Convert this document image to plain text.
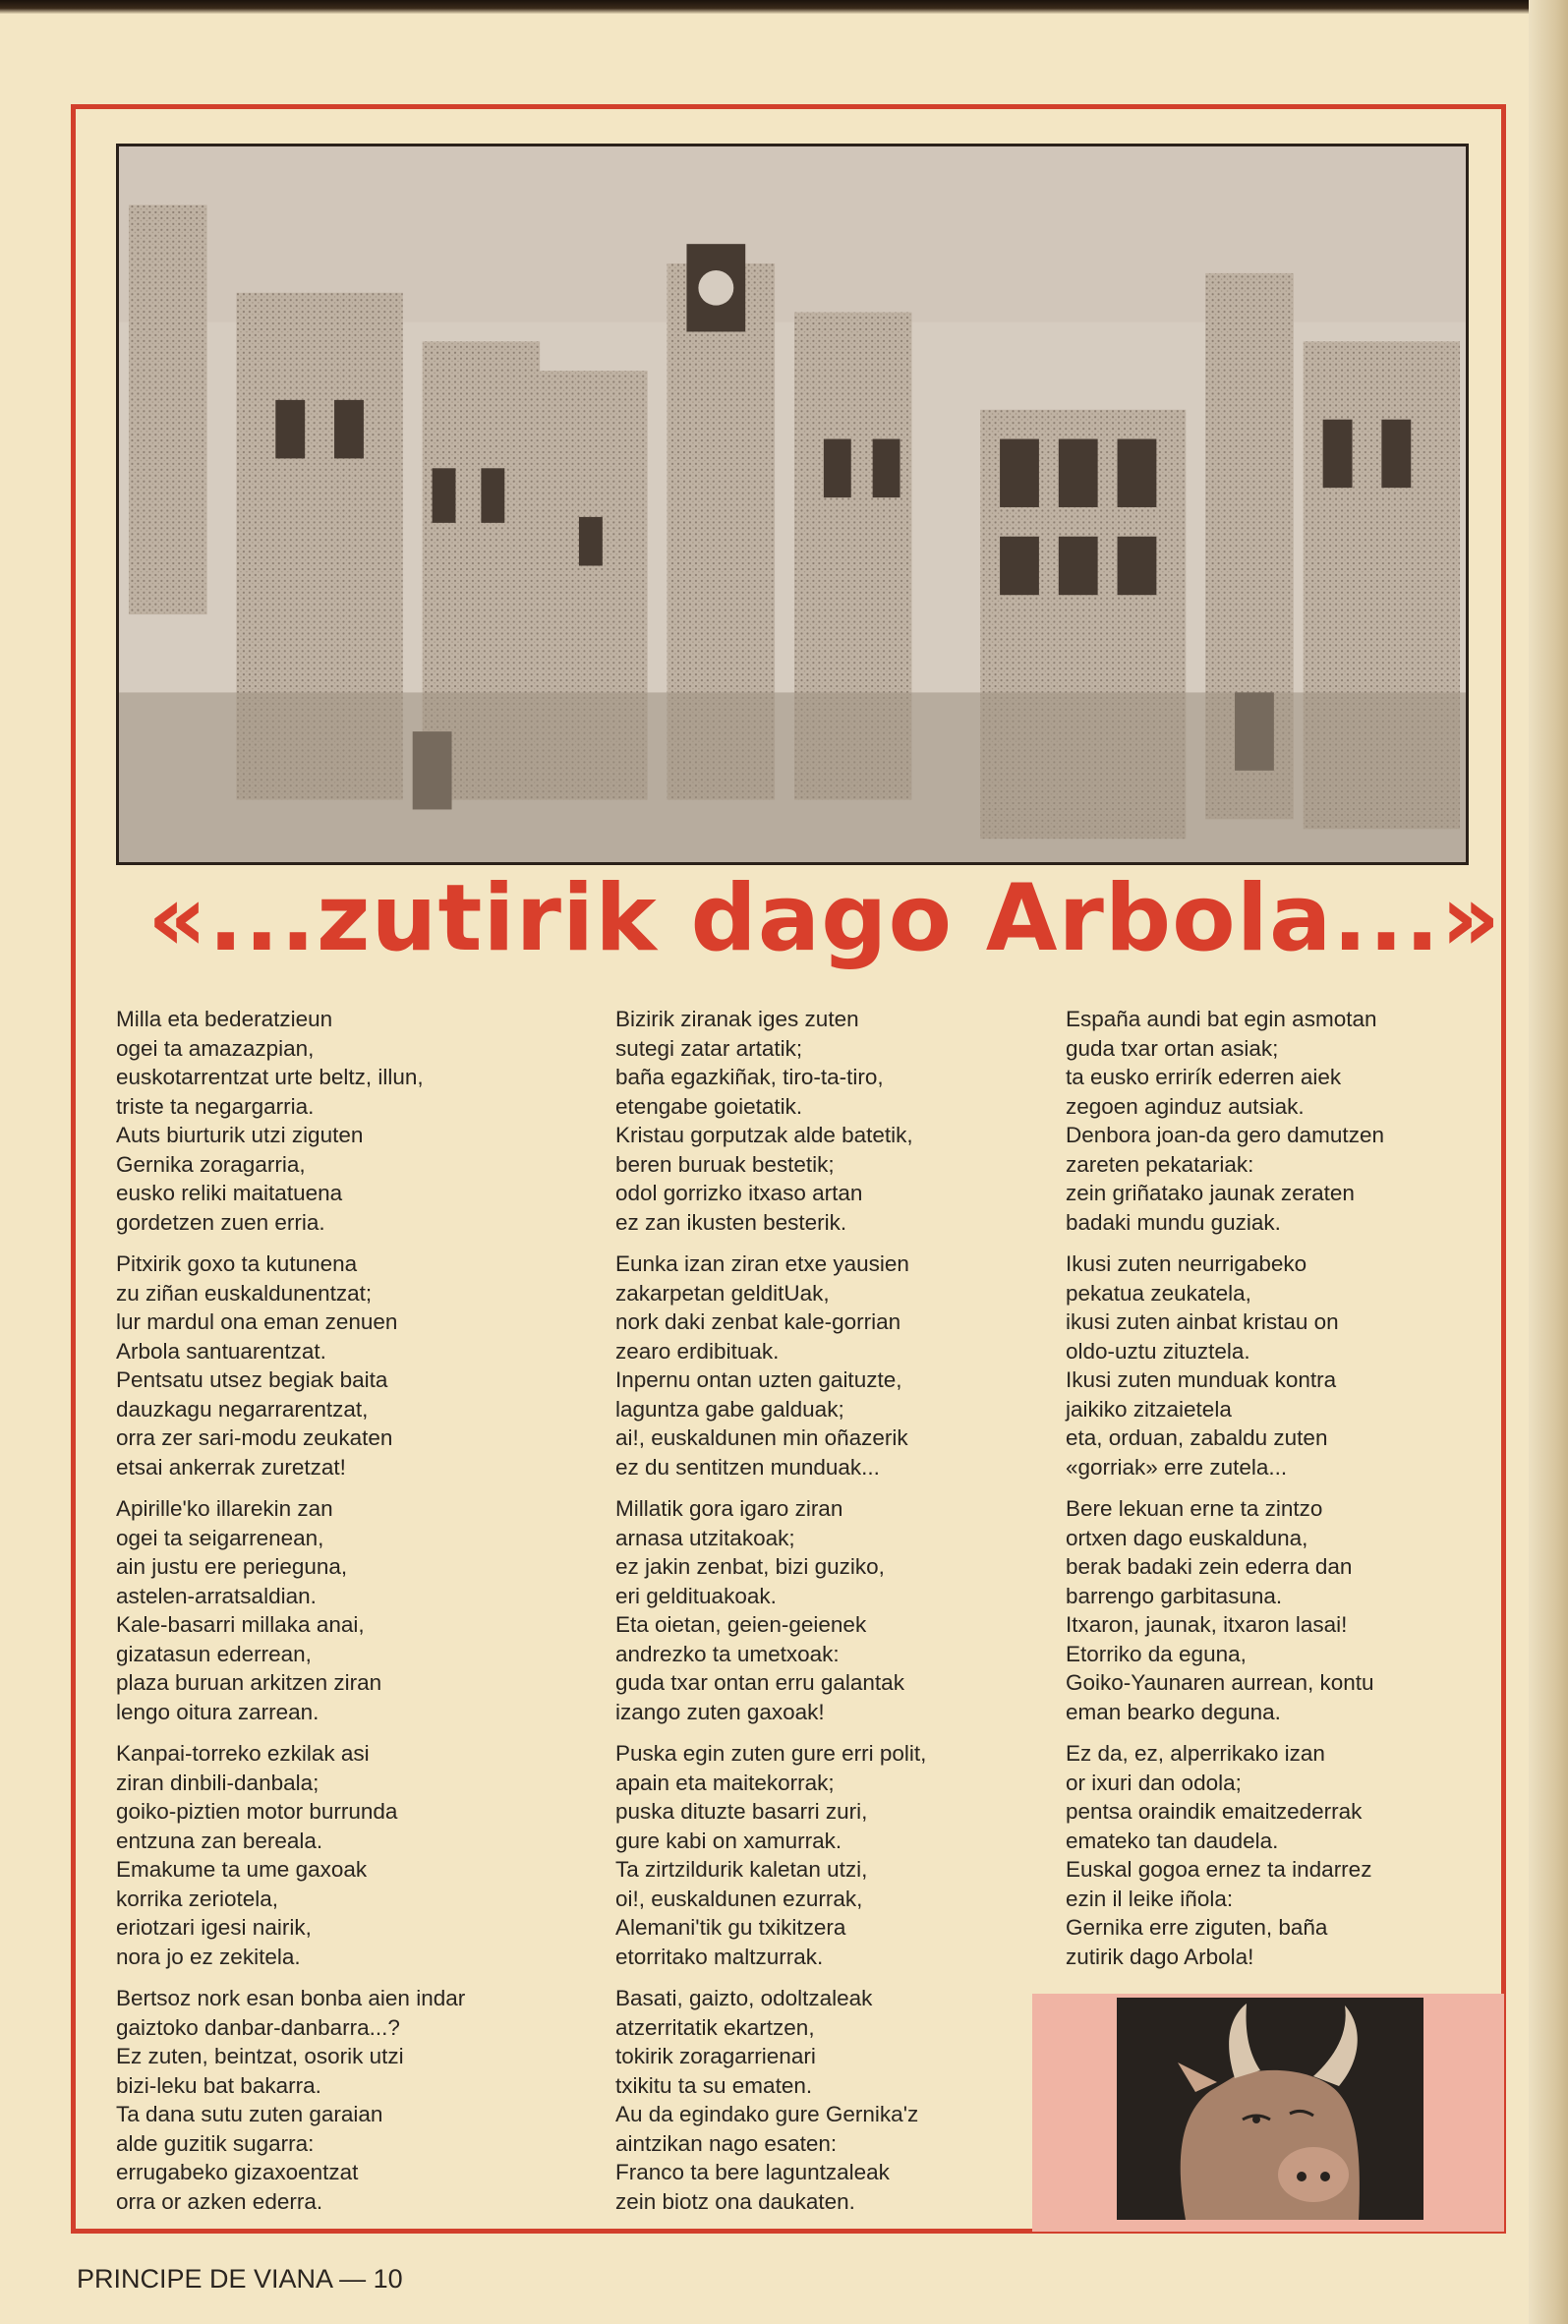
«...zutirik dago Arbola...»
Milla eta bederatzieun
ogei ta amazazpian,
euskotarrentzat urte beltz, illun,
triste ta negargarria.
Auts biurturik utzi ziguten
Gernika zoragarria,
eusko reliki maitatuena
gordetzen zuen erria.
Pitxirik goxo ta kutunena
zu ziñan euskaldunentzat;
lur mardul ona eman zenuen
Arbola santuarentzat.
Pentsatu utsez begiak baita
dauzkagu negarrarentzat,
orra zer sari-modu zeukaten
etsai ankerrak zuretzat!
Apirille'ko illarekin zan
ogei ta seigarrenean,
ain justu ere perieguna,
astelen-arratsaldian.
Kale-basarri millaka anai,
gizatasun ederrean,
plaza buruan arkitzen ziran
lengo oitura zarrean.
Kanpai-torreko ezkilak asi
ziran dinbili-danbala;
goiko-piztien motor burrunda
entzuna zan bereala.
Emakume ta ume gaxoak
korrika zeriotela,
eriotzari igesi nairik,
nora jo ez zekitela.
Bertsoz nork esan bonba aien indar
gaiztoko danbar-danbarra...?
Ez zuten, beintzat, osorik utzi
bizi-leku bat bakarra.
Ta dana sutu zuten garaian
alde guzitik sugarra:
errugabeko gizaxoentzat
orra or azken ederra.
Bizirik ziranak iges zuten
sutegi zatar artatik;
baña egazkiñak, tiro-ta-tiro,
etengabe goietatik.
Kristau gorputzak alde batetik,
beren buruak bestetik;
odol gorrizko itxaso artan
ez zan ikusten besterik.
Eunka izan ziran etxe yausien
zakarpetan gelditUak,
nork daki zenbat kale-gorrian
zearo erdibituak.
Inpernu ontan uzten gaituzte,
laguntza gabe galduak;
ai!, euskaldunen min oñazerik
ez du sentitzen munduak...
Millatik gora igaro ziran
arnasa utzitakoak;
ez jakin zenbat, bizi guziko,
eri geldituakoak.
Eta oietan, geien-geienek
andrezko ta umetxoak:
guda txar ontan erru galantak
izango zuten gaxoak!
Puska egin zuten gure erri polit,
apain eta maitekorrak;
puska dituzte basarri zuri,
gure kabi on xamurrak.
Ta zirtzildurik kaletan utzi,
oi!, euskaldunen ezurrak,
Alemani'tik gu txikitzera
etorritako maltzurrak.
Basati, gaizto, odoltzaleak
atzerritatik ekartzen,
tokirik zoragarrienari
txikitu ta su ematen.
Au da egindako gure Gernika'z
aintzikan nago esaten:
Franco ta bere laguntzaleak
zein biotz ona daukaten.
España aundi bat egin asmotan
guda txar ortan asiak;
ta eusko errirík ederren aiek
zegoen aginduz autsiak.
Denbora joan-da gero damutzen
zareten pekatariak:
zein griñatako jaunak zeraten
badaki mundu guziak.
Ikusi zuten neurrigabeko
pekatua zeukatela,
ikusi zuten ainbat kristau on
oldo-uztu zituztela.
Ikusi zuten munduak kontra
jaikiko zitzaietela
eta, orduan, zabaldu zuten
«gorriak» erre zutela...
Bere lekuan erne ta zintzo
ortxen dago euskalduna,
berak badaki zein ederra dan
barrengo garbitasuna.
Itxaron, jaunak, itxaron lasai!
Etorriko da eguna,
Goiko-Yaunaren aurrean, kontu
eman bearko deguna.
Ez da, ez, alperrikako izan
or ixuri dan odola;
pentsa oraindik emaitzederrak
emateko tan daudela.
Euskal gogoa ernez ta indarrez
ezin il leike iñola:
Gernika erre ziguten, baña
zutirik dago Arbola!
PRINCIPE DE VIANA — 10
